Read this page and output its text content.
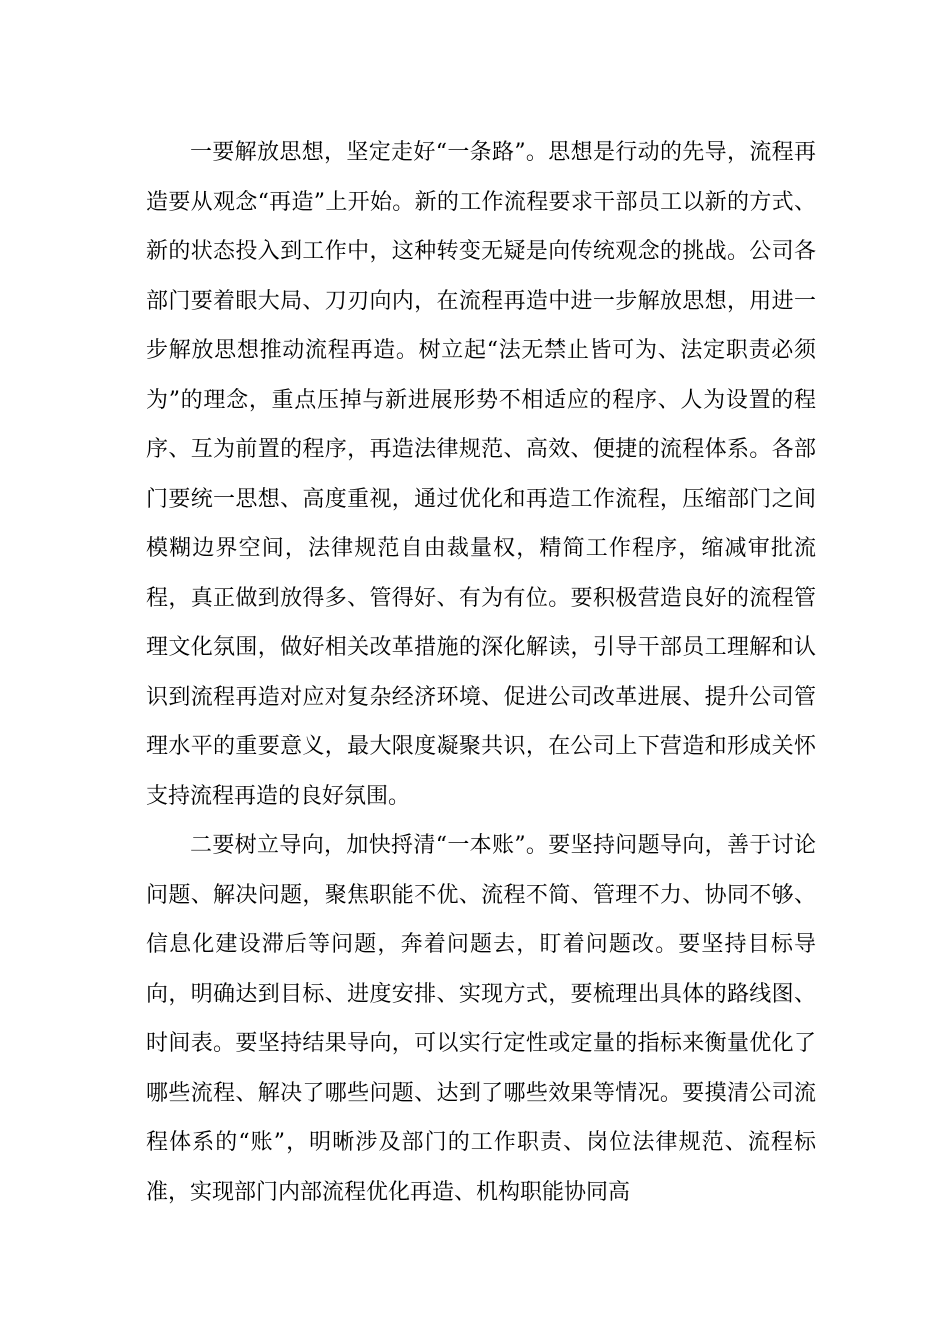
一要解放思想，坚定走好“一条路”。思想是行动的先导，流程再造要从观念“再造”上开始。新的工作流程要求干部员工以新的方式、新的状态投入到工作中，这种转变无疑是向传统观念的挑战。公司各部门要着眼大局、刀刃向内，在流程再造中进一步解放思想，用进一步解放思想推动流程再造。树立起“法无禁止皆可为、法定职责必须为”的理念，重点压掉与新进展形势不相适应的程序、人为设置的程序、互为前置的程序，再造法律规范、高效、便捷的流程体系。各部门要统一思想、高度重视，通过优化和再造工作流程，压缩部门之间模糊边界空间，法律规范自由裁量权，精简工作程序，缩减审批流程，真正做到放得多、管得好、有为有位。要积极营造良好的流程管理文化氛围，做好相关改革措施的深化解读，引导干部员工理解和认识到流程再造对应对复杂经济环境、促进公司改革进展、提升公司管理水平的重要意义，最大限度凝聚共识，在公司上下营造和形成关怀支持流程再造的良好氛围。

二要树立导向，加快捋清“一本账”。要坚持问题导向，善于讨论问题、解决问题，聚焦职能不优、流程不简、管理不力、协同不够、信息化建设滞后等问题，奔着问题去，盯着问题改。要坚持目标导向，明确达到目标、进度安排、实现方式，要梳理出具体的路线图、时间表。要坚持结果导向，可以实行定性或定量的指标来衡量优化了哪些流程、解决了哪些问题、达到了哪些效果等情况。要摸清公司流程体系的“账”，明晰涉及部门的工作职责、岗位法律规范、流程标准，实现部门内部流程优化再造、机构职能协同高
